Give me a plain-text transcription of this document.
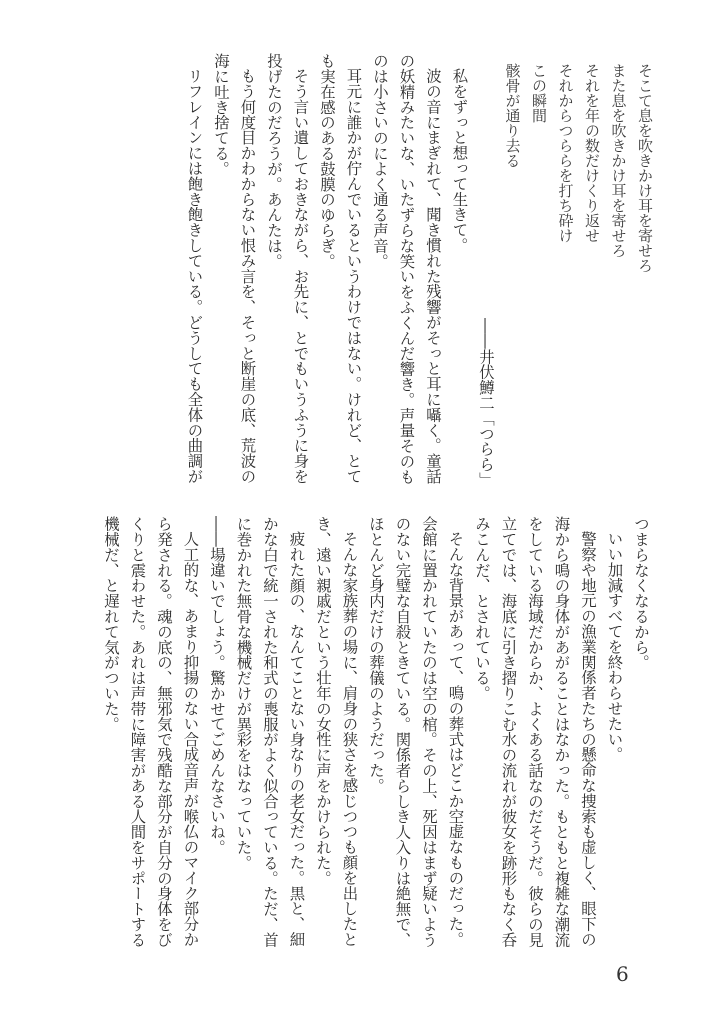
そこて息を吹きかけ耳を寄せろ

また息を吹きかけ耳を寄せろ

それを年の数だけくり返せ

それからつららを打ち砕け

この瞬間

骸骨が通り去る

――井伏鱒二「つらら」

私をずっと想って生きて。

波の音にまぎれて、聞き慣れた残響がそっと耳に囁く。童話

の妖精みたいな、いたずらな笑いをふくんだ響き。声量そのも

のは小さいのによく通る声音。

耳元に誰かが佇んでいるというわけではない。けれど、とて

も実在感のある鼓膜のゆらぎ。

そう言い遺しておきながら、お先に、とでもいうふうに身を

投げたのだろうが。あんたは。

もう何度目かわからない恨み言を、そっと断崖の底、荒波の

海に吐き捨てる。

リフレインには飽き飽きしている。どうしても全体の曲調が

つまらなくなるから。

いい加減すべてを終わらせたい。

警察や地元の漁業関係者たちの懸命な捜索も虚しく、眼下の

海から鳴の身体があがることはなかった。もともと複雑な潮流

をしている海域だからか、よくある話なのだそうだ。彼らの見

立てでは、海底に引き摺りこむ水の流れが彼女を跡形もなく呑

みこんだ、とされている。

そんな背景があって、鳴の葬式はどこか空虚なものだった。

会館に置かれていたのは空の棺。その上、死因はまず疑いよう

のない完璧な自殺ときている。関係者らしき人入りは絶無で、

ほとんど身内だけの葬儀のようだった。

そんな家族葬の場に、肩身の狭さを感じつつも顔を出したと

き、遠い親戚だという壮年の女性に声をかけられた。

疲れた顔の、なんてことない身なりの老女だった。黒と、細

かな白で統一された和式の喪服がよく似合っている。ただ、首

に巻かれた無骨な機械だけが異彩をはなっていた。

――場違いでしょう。驚かせてごめんなさいね。

人工的な、あまり抑揚のない合成音声が喉仏のマイク部分か

ら発される。魂の底の、無邪気で残酷な部分が自分の身体をび

くりと震わせた。あれは声帯に障害がある人間をサポートする

機械だ、と遅れて気がついた。

6
